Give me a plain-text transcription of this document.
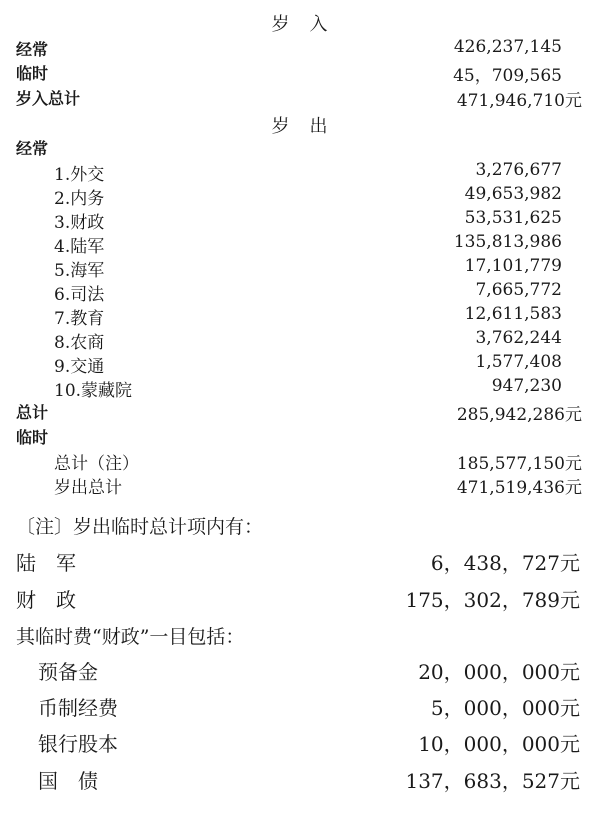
岁　入
经常	426,237,145
临时	45，709,565
岁入总计	471,946,710元
岁　出
经常
1.外交	3,276,677
2.内务	49,653,982
3.财政	53,531,625
4.陆军	135,813,986
5.海军	17,101,779
6.司法	7,665,772
7.教育	12,611,583
8.农商	3,762,244
9.交通	1,577,408
10.蒙藏院	947,230
总计	285,942,286元
临时
总计（注）	185,577,150元
岁出总计	471,519,436元
〔注〕岁出临时总计项内有：
陆　军	6，438，727元
财　政	175，302，789元
其临时费“财政”一目包括：
预备金	20，000，000元
币制经费	5，000，000元
银行股本	10，000，000元
国　债	137，683，527元
